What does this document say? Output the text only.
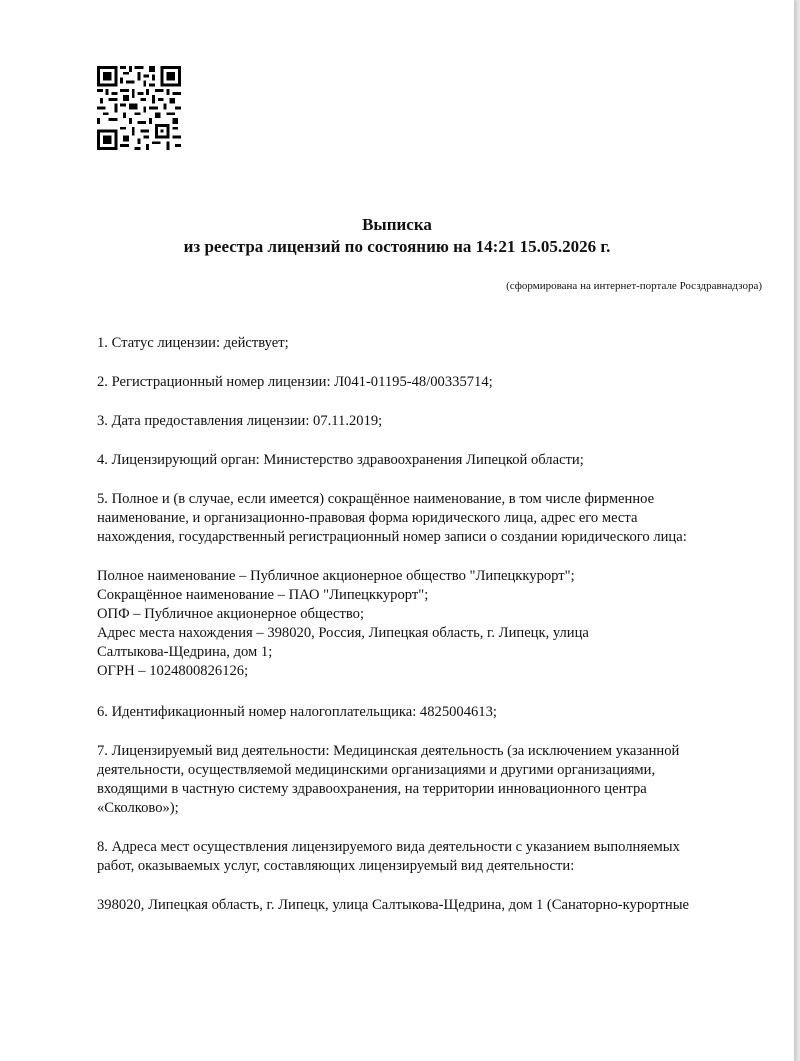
Выписка
из реестра лицензий по состоянию на 14:21 15.05.2026 г.
(сформирована на интернет-портале Росздравнадзора)
1. Статус лицензии: действует;
2. Регистрационный номер лицензии: Л041-01195-48/00335714;
3. Дата предоставления лицензии: 07.11.2019;
4. Лицензирующий орган: Министерство здравоохранения Липецкой области;
5. Полное и (в случае, если имеется) сокращённое наименование, в том числе фирменное
наименование, и организационно-правовая форма юридического лица, адрес его места
нахождения, государственный регистрационный номер записи о создании юридического лица:
Полное наименование – Публичное акционерное общество "Липецккурорт";
Сокращённое наименование – ПАО "Липецккурорт";
ОПФ – Публичное акционерное общество;
Адрес места нахождения – 398020, Россия, Липецкая область, г. Липецк, улица
Салтыкова-Щедрина, дом 1;
ОГРН – 1024800826126;
6. Идентификационный номер налогоплательщика: 4825004613;
7. Лицензируемый вид деятельности: Медицинская деятельность (за исключением указанной
деятельности, осуществляемой медицинскими организациями и другими организациями,
входящими в частную систему здравоохранения, на территории инновационного центра
«Сколково»);
8. Адреса мест осуществления лицензируемого вида деятельности с указанием выполняемых
работ, оказываемых услуг, составляющих лицензируемый вид деятельности:
398020, Липецкая область, г. Липецк, улица Салтыкова-Щедрина, дом 1 (Санаторно-курортные
